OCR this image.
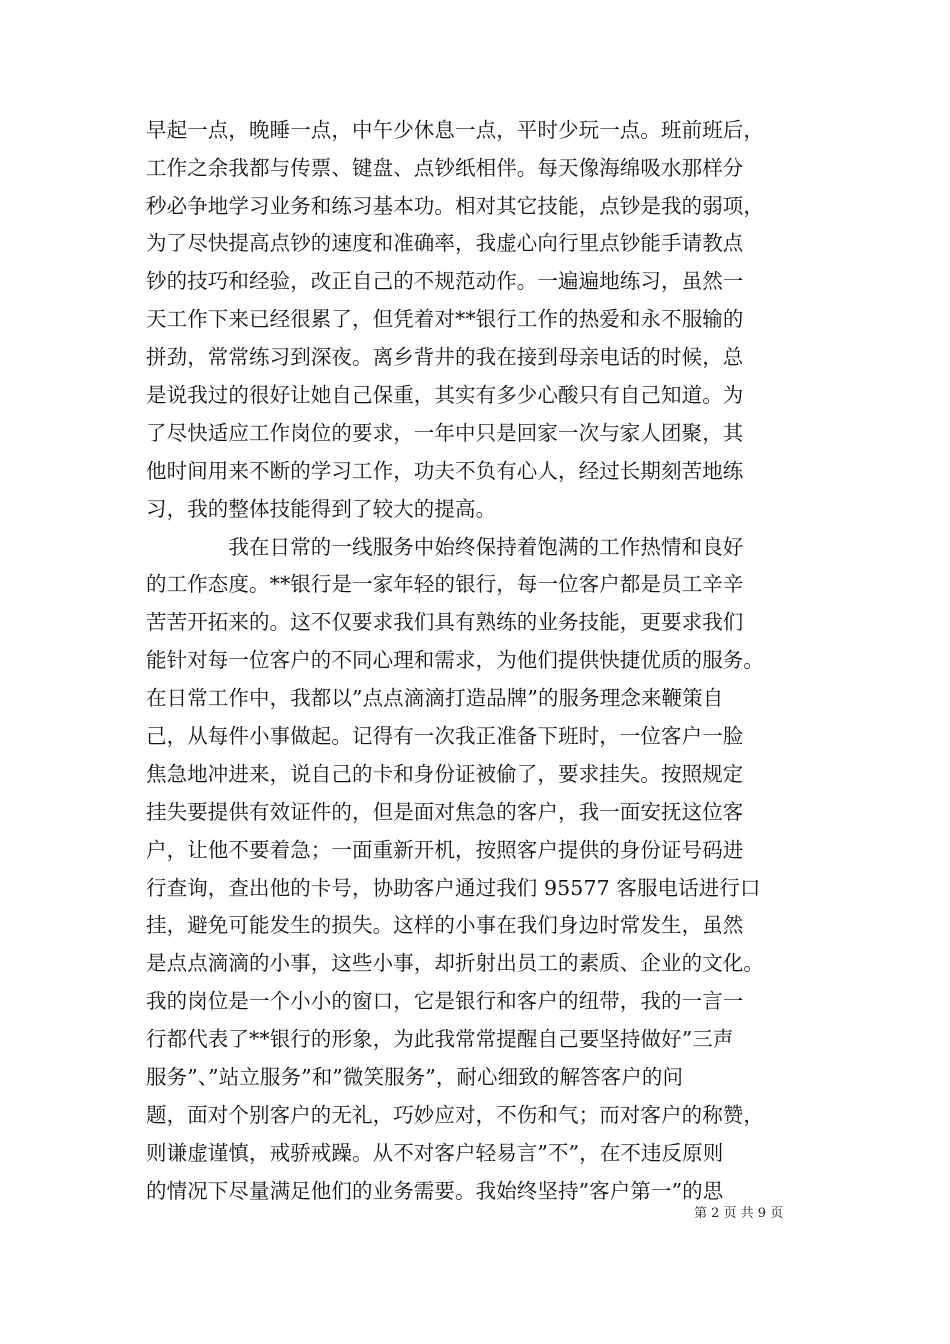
早起一点，晚睡一点，中午少休息一点，平时少玩一点。班前班后，
工作之余我都与传票、键盘、点钞纸相伴。每天像海绵吸水那样分
秒必争地学习业务和练习基本功。相对其它技能，点钞是我的弱项，
为了尽快提高点钞的速度和准确率，我虚心向行里点钞能手请教点
钞的技巧和经验，改正自己的不规范动作。一遍遍地练习，虽然一
天工作下来已经很累了，但凭着对**银行工作的热爱和永不服输的
拼劲，常常练习到深夜。离乡背井的我在接到母亲电话的时候，总
是说我过的很好让她自己保重，其实有多少心酸只有自己知道。为
了尽快适应工作岗位的要求，一年中只是回家一次与家人团聚，其
他时间用来不断的学习工作，功夫不负有心人，经过长期刻苦地练
习，我的整体技能得到了较大的提高。
　　　　我在日常的一线服务中始终保持着饱满的工作热情和良好
的工作态度。**银行是一家年轻的银行，每一位客户都是员工辛辛
苦苦开拓来的。这不仅要求我们具有熟练的业务技能，更要求我们
能针对每一位客户的不同心理和需求，为他们提供快捷优质的服务。
在日常工作中，我都以”点点滴滴打造品牌”的服务理念来鞭策自
己，从每件小事做起。记得有一次我正准备下班时，一位客户一脸
焦急地冲进来，说自己的卡和身份证被偷了，要求挂失。按照规定
挂失要提供有效证件的，但是面对焦急的客户，我一面安抚这位客
户，让他不要着急；一面重新开机，按照客户提供的身份证号码进
行查询，查出他的卡号，协助客户通过我们 95577 客服电话进行口
挂，避免可能发生的损失。这样的小事在我们身边时常发生，虽然
是点点滴滴的小事，这些小事，却折射出员工的素质、企业的文化。
我的岗位是一个小小的窗口，它是银行和客户的纽带，我的一言一
行都代表了**银行的形象，为此我常常提醒自己要坚持做好”三声
服务”、”站立服务”和”微笑服务”，耐心细致的解答客户的问
题，面对个别客户的无礼，巧妙应对，不伤和气；而对客户的称赞，
则谦虚谨慎，戒骄戒躁。从不对客户轻易言”不”，在不违反原则
的情况下尽量满足他们的业务需要。我始终坚持”客户第一”的思
第 2 页 共 9 页
